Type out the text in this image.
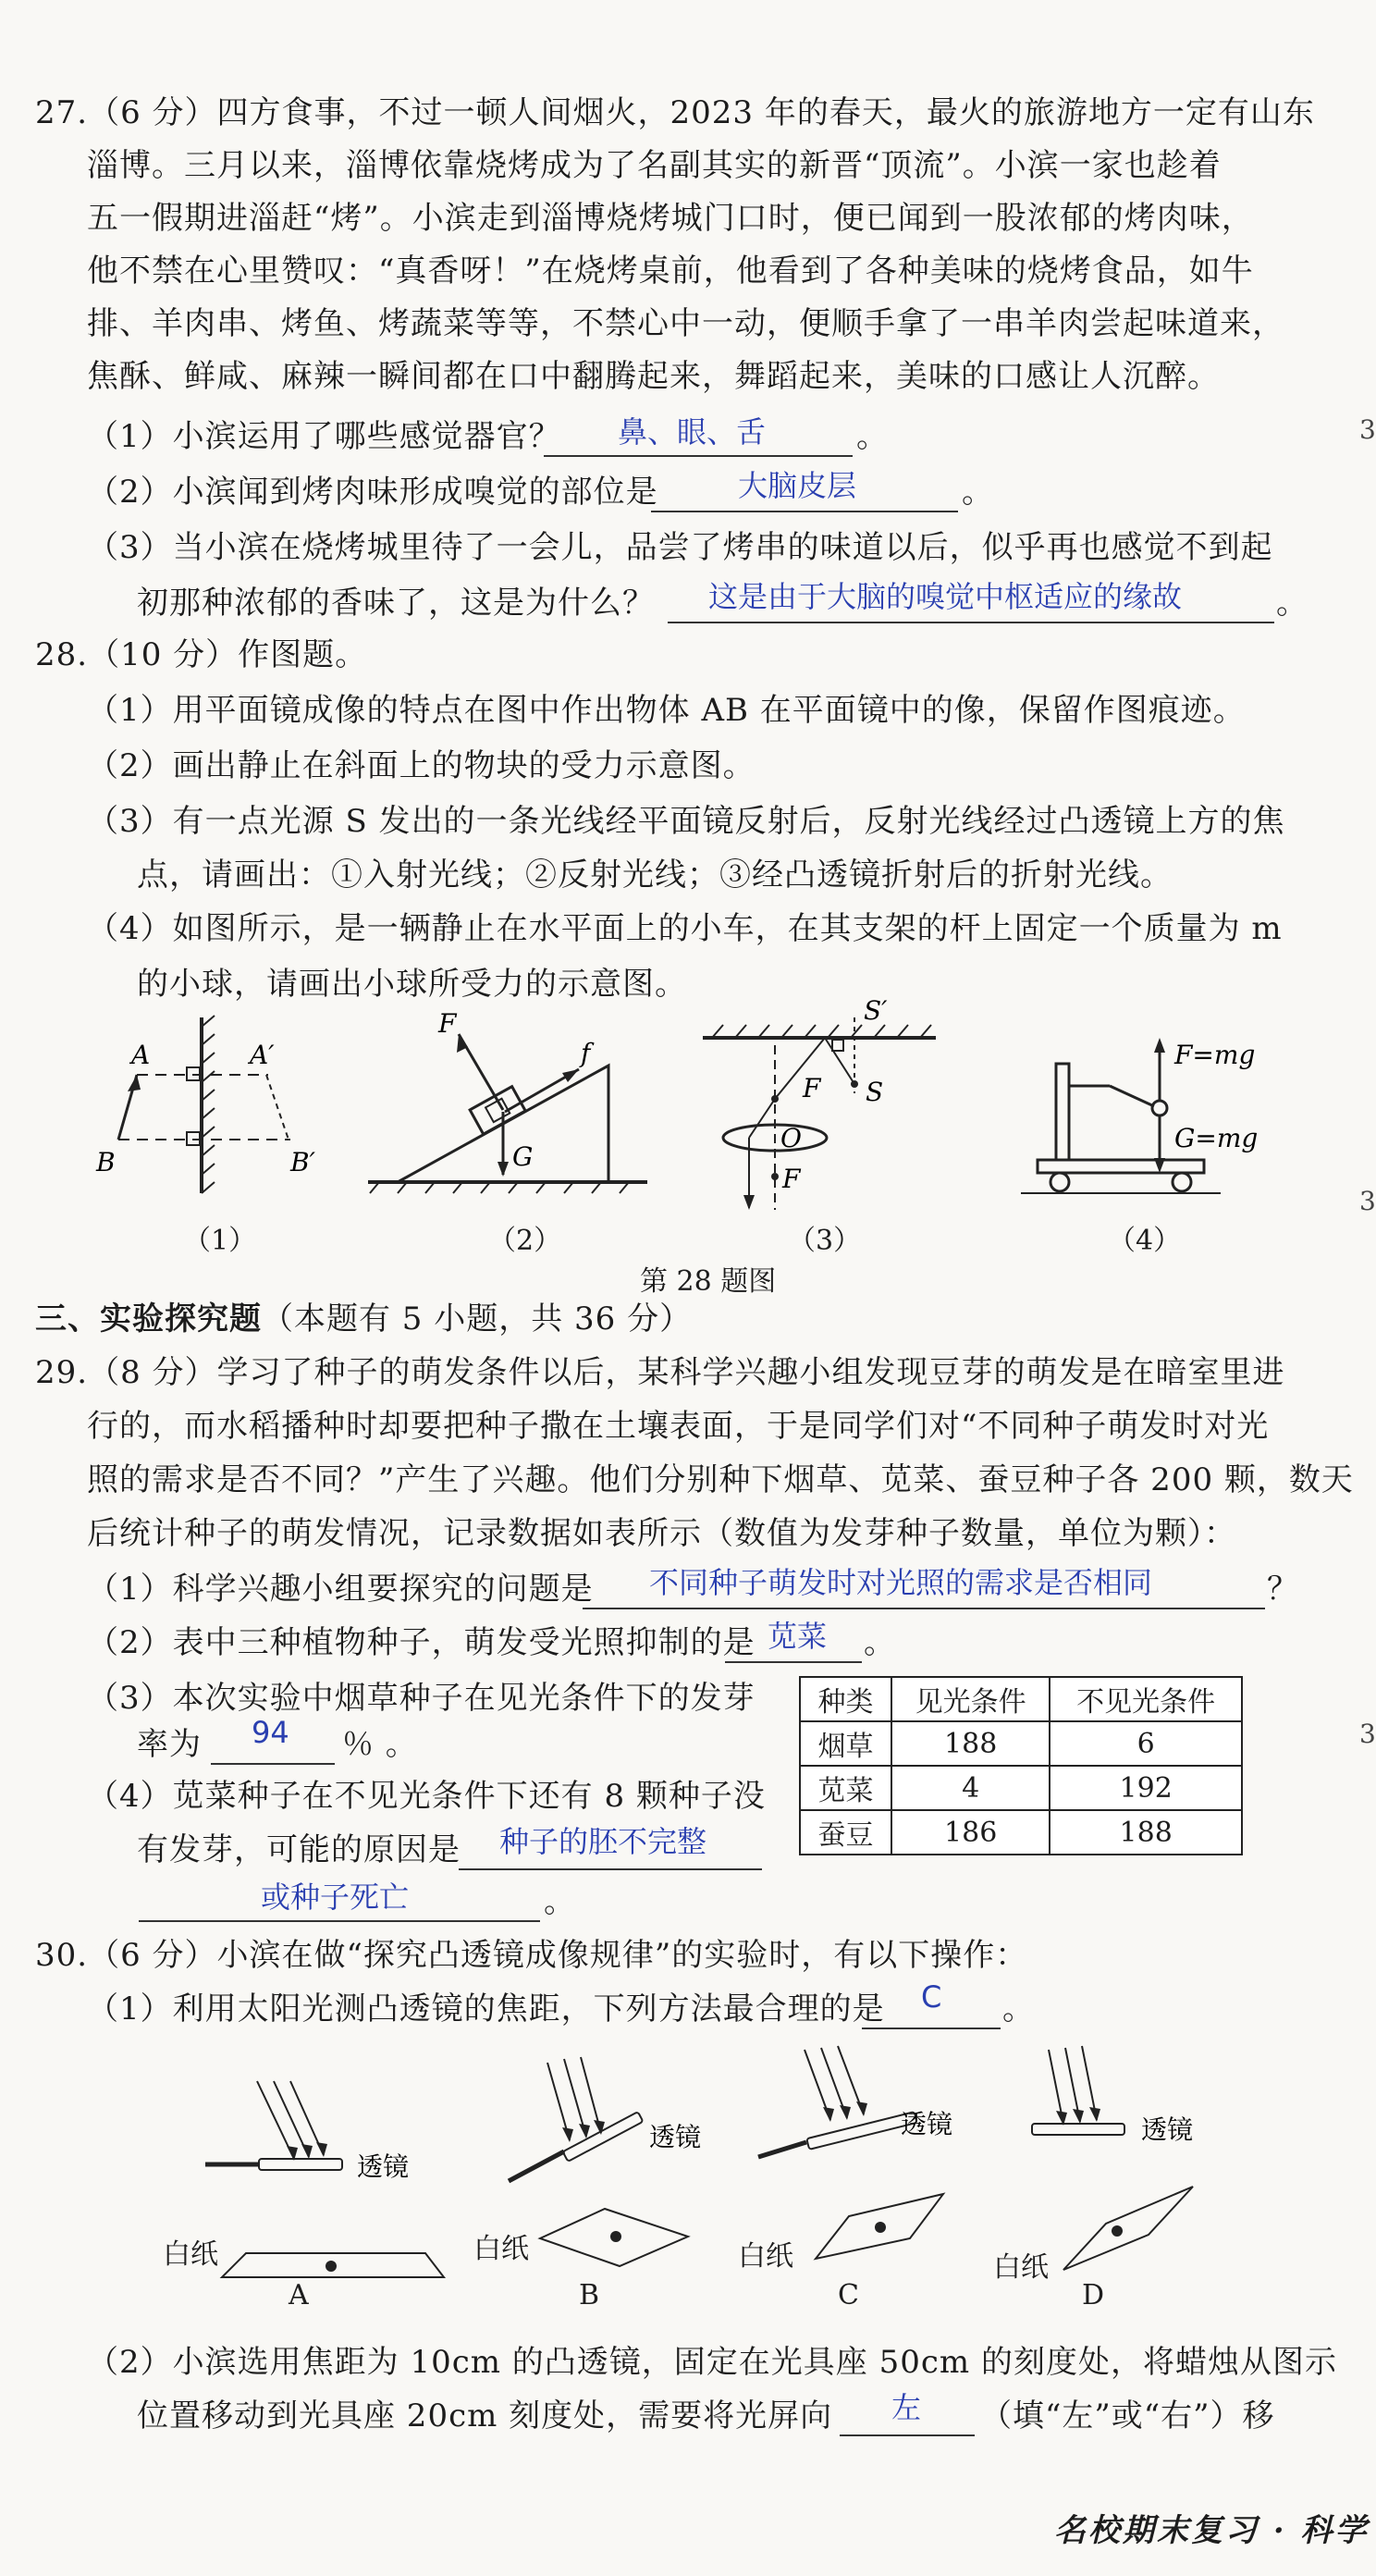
27.（6 分）四方食事，不过一顿人间烟火，2023 年的春天，最火的旅游地方一定有山东
淄博。三月以来，淄博依靠烧烤成为了名副其实的新晋“顶流”。小滨一家也趁着
五一假期进淄赶“烤”。小滨走到淄博烧烤城门口时，便已闻到一股浓郁的烤肉味，
他不禁在心里赞叹：“真香呀！”在烧烤桌前，他看到了各种美味的烧烤食品，如牛
排、羊肉串、烤鱼、烤蔬菜等等，不禁心中一动，便顺手拿了一串羊肉尝起味道来，
焦酥、鲜咸、麻辣一瞬间都在口中翻腾起来，舞蹈起来，美味的口感让人沉醉。
（1）小滨运用了哪些感觉器官？ 鼻、眼、舌	。
（2）小滨闻到烤肉味形成嗅觉的部位是	大脑皮层	。
（3）当小滨在烧烤城里待了一会儿，品尝了烤串的味道以后，似乎再也感觉不到起
初那种浓郁的香味了，这是为什么？ 这是由于大脑的嗅觉中枢适应的缘故	。
28.（10 分）作图题。
（1）用平面镜成像的特点在图中作出物体 AB 在平面镜中的像，保留作图痕迹。
（2）画出静止在斜面上的物块的受力示意图。
（3）有一点光源 S 发出的一条光线经平面镜反射后，反射光线经过凸透镜上方的焦
点，请画出：①入射光线；②反射光线；③经凸透镜折射后的折射光线。
（4）如图所示，是一辆静止在水平面上的小车，在其支架的杆上固定一个质量为 m
的小球，请画出小球所受力的示意图。
A	A′
B	B′
F
f
G
S′
S
F
O
F
F=mg
G=mg
（1）	（2）	（3）	（4）
第 28 题图
三、实验探究题（本题有 5 小题，共 36 分）
29.（8 分）学习了种子的萌发条件以后，某科学兴趣小组发现豆芽的萌发是在暗室里进
行的，而水稻播种时却要把种子撒在土壤表面，于是同学们对“不同种子萌发时对光
照的需求是否不同？”产生了兴趣。他们分别种下烟草、苋菜、蚕豆种子各 200 颗，数天
后统计种子的萌发情况，记录数据如表所示（数值为发芽种子数量，单位为颗）：
（1）科学兴趣小组要探究的问题是 不同种子萌发时对光照的需求是否相同	？
（2）表中三种植物种子，萌发受光照抑制的是 苋菜 。
（3）本次实验中烟草种子在见光条件下的发芽
率为 94 ％ 。
（4）苋菜种子在不见光条件下还有 8 颗种子没
有发芽，可能的原因是 种子的胚不完整
或种子死亡	。
种类	见光条件	不见光条件
烟草	188	6
苋菜	4	192
蚕豆	186	188
30.（6 分）小滨在做“探究凸透镜成像规律”的实验时，有以下操作：
（1）利用太阳光测凸透镜的焦距，下列方法最合理的是 C 。
透镜
白纸
A
透镜
白纸
B
透镜
白纸
C
透镜
白纸
D
（2）小滨选用焦距为 10cm 的凸透镜，固定在光具座 50cm 的刻度处，将蜡烛从图示
位置移动到光具座 20cm 刻度处，需要将光屏向 左 （填“左”或“右”）移
名校期末复习 · 科学
3
3
3
